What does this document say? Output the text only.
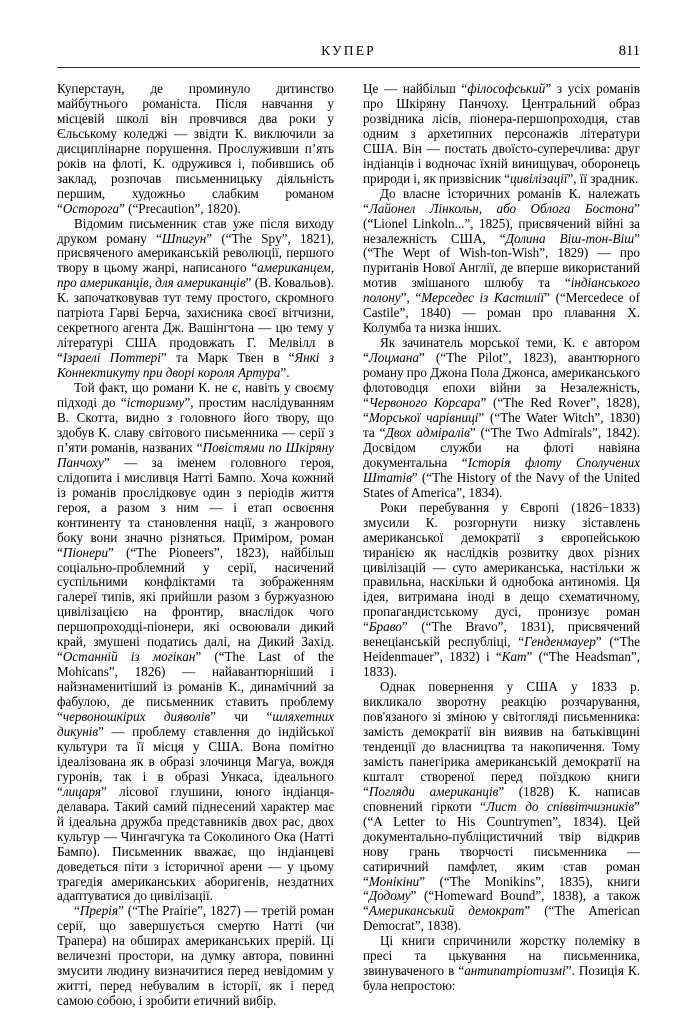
КУПЕР	811

Куперстаун, де проминуло дитинство майбутнього романіста. Після навчання у місцевій школі він провчився два роки у Єльському коледжі — звідти К. виключили за дисциплінарне порушення. Прослуживши п’ять років на флоті, К. одружився і, побившись об заклад, розпочав письменницьку діяльність першим, художньо слабким романом “Осторога” (“Precaution”, 1820).

Відомим письменник став уже після виходу друком роману “Шпигун” (“The Spy”, 1821), присвяченого американській революції, першого твору в цьому жанрі, написаного “американцем, про американців, для американців” (В. Ковальов). К. започатковував тут тему простого, скромного патріота Гарві Берча, захисника своєї вітчизни, секретного агента Дж. Вашінгтона — цю тему у літературі США продовжать Г. Мелвілл в “Ізраелі Поттері” та Марк Твен в “Янкі з Коннектикуту при дворі короля Артура”.

Той факт, що романи К. не є, навіть у своєму підході до “історизму”, простим наслідуванням В. Скотта, видно з головного його твору, що здобув К. славу світового письменника — серії з п’яти романів, названих “Повістями по Шкіряну Панчоху” — за іменем головного героя, слідопита і мисливця Натті Бампо. Хоча кожний із романів прослідковує один з періодів життя героя, а разом з ним — і етап освоєння континенту та становлення нації, з жанрового боку вони значно різняться. Приміром, роман “Піонери” (“The Pioneers”, 1823), найбільш соціально-проблемний у серії, насичений суспільними конфліктами та зображенням галереї типів, які прийшли разом з буржуазною цивілізацією на фронтир, внаслідок чого першопроходці-піонери, які освоювали дикий край, змушені податись далі, на Дикий Захід. “Останній із могікан” (“The Last of the Mohicans”, 1826) — найавантюрніший і найзнаменитіший із романів К., динамічний за фабулою, де письменник ставить проблему “червоношкірих дияволів” чи “шляхетних дикунів” — проблему ставлення до індійської культури та її місця у США. Вона помітно ідеалізована як в образі злочинця Магуа, вождя гуронів, так і в образі Ункаса, ідеального “лицаря” лісової глушини, юного індіанця-делавара. Такий самий піднесений характер має й ідеальна дружба представників двох рас, двох культур — Чингачгука та Соколиного Ока (Натті Бампо). Письменник вважає, що індіанцеві доведеться піти з історичної арени — у цьому трагедія американських аборигенів, нездатних адаптуватися до цивілізації.

“Прерія” (“The Prairie”, 1827) — третій роман серії, що завершується смертю Натті (чи Трапера) на обширах американських прерій. Ці величезні простори, на думку автора, повинні змусити людину визначитися перед невідомим у житті, перед небувалим в історії, як і перед самою собою, і зробити етичний вибір.

Це — найбільш “філософський” з усіх романів про Шкіряну Панчоху. Центральний образ розвідника лісів, піонера-першопроходця, став одним з архетипних персонажів літератури США. Він — постать двоїсто-суперечлива: друг індіанців і водночас їхній винищувач, оборонець природи і, як призвісник “цивілізації”, її зрадник.

До власне історичних романів К. належать “Лайонел Лінкольн, або Облога Бостона” (“Lionel Linkoln...”, 1825), присвячений війні за незалежність США, “Долина Віш-тон-Віш” (“The Wept of Wish-ton-Wish”, 1829) — про пуританів Нової Англії, де вперше використаний мотив змішаного шлюбу та “індіанського полону”, “Мерседес із Кастилії” (“Mercedece of Castile”, 1840) — роман про плавання Х. Колумба та низка інших.

Як зачинатель морської теми, К. є автором “Лоцмана” (“The Pilot”, 1823), авантюрного роману про Джона Пола Джонса, американського флотоводця епохи війни за Незалежність, “Червоного Корсара” (“The Red Rover”, 1828), “Морської чарівниці” (“The Water Witch”, 1830) та “Двох адміралів” (“The Two Admirals”, 1842). Досвідом служби на флоті навіяна документальна “Історія флоту Сполучених Штатів” (“The History of the Navy of the United States of America”, 1834).

Роки перебування у Європі (1826−1833) змусили К. розгорнути низку зіставлень американської демократії з європейською тиранією як наслідків розвитку двох різних цивілізацій — суто американська, настільки ж правильна, наскільки й однобока антиномія. Ця ідея, витримана іноді в дещо схематичному, пропагандистському дусі, пронизує роман “Браво” (“The Bravo”, 1831), присвячений венеціанській республіці, “Генденмауер” (“The Heidenmauer”, 1832) і “Кат” (“The Headsman”, 1833).

Однак повернення у США у 1833 р. викликало зворотну реакцію розчарування, пов'язаного зі зміною у світогляді письменника: замість демократії він виявив на батьківщині тенденції до власництва та накопичення. Тому замість панегірика американській демократії на кшталт створеної перед поїздкою книги “Погляди американців” (1828) К. написав сповнений гіркоти “Лист до співвітчизників” (“A Letter to His Countrymen”, 1834). Цей документально-публіцистичний твір відкрив нову грань творчості письменника — сатиричний памфлет, яким став роман “Монікіни” (“The Monikins”, 1835), книги “Додому” (“Homeward Bound”, 1838), а також “Американський демократ” (“The American Democrat”, 1838).

Ці книги спричинили жорстку полеміку в пресі та цькування на письменника, звинуваченого в “антипатріотизмі”. Позиція К. була непростою:
